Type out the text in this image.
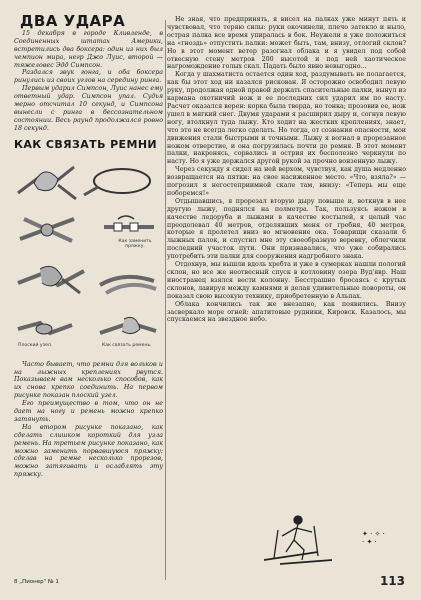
ДВА УДАРА

15 декабря в городе Кливленде, в Соединенных штатах Америки, встретились два боксера: один из них был чемпион мира, негр Джо Луис, второй — тяжеловес Эдд Симпсон.

Раздался звук гонга, и оба боксера ринулись из своих углов на середину ринга.

Первым ударил Симпсон, Луис нанес ему ответный удар. Симпсон упал. Судья мерно отсчитал 10 секунд, и Симпсона вынесли с ринга в бессознательном состоянии. Весь раунд продолжался ровно 18 секунд.

КАК СВЯЗАТЬ РЕМНИ
Как заменить пряжку.
Плоский узел.	Как связать ремень.

Часто бывает, что ремни для вольков и на лыжных креплениях рвутся. Показываем вам несколько способов, как их снова крепко соединить. На первом рисунке показан плоский узел.

Его преимущество в том, что он не дает на ногу и ремень можно крепко затянуть.

На втором рисунке показано, как сделать слишком короткий для узла ремень. На третьем рисунке показано, как можно заменить порвавшуюся пряжку: сделав на ремне несколько прорезов, можно затягивать и ослаблять эту пряжку.

Не зная, что предпринять, я висел на палках уже минут пять и чувствовал, что теряю силы: руки окочинели, плечо затекло и ныло, острая палка все время упиралась в бок. Неужели я уже положиться на «гноздь» отпустить палки: может быть, там, внизу, отлогий склон? Но в этот момент ветер разогнал облака и я увидел под собой отвесную стену метров 200 высотой и под ней хаотическое нагромождение голых скал. Падать было явно невыгодно...

Когда у шахматиста остается один ход, раздумывать не полагается, как бы этот ход ни казался рискован. Я осторожно освободил левую руку, продолжая одной правой держать спасительные палки, вынул из кармана охотничий нож и ее последних сил ударил им по насту. Расчет оказался верен: корка была тверда, но тонка; прозовив ее, нож ушел в мягкий снег. Двумя ударами я расширил дыру и, согнув левую ногу, втолкнул туда лыжу. Кто ходит на жестких креплениях, знает, что это не всегда легко сделать. Но тогда, от сознания опасности, мои движения стали быстрыми и точными. Лыжу я вогнал в прорезанное ножом отверстие, и она погрузилась почти до ремня. В этот момент палки, накренясь, сорвались и острия их бесполезно черкнули по насту. Но я уже держался другой рукой за прочно вонзенную лыжу.

Через секунду я сидел на ней верхом, чувствуя, как душа медленно возвращается на пятки: на свое насиженное место. «Что, взяла?» — погрозил я негостеприимной скале там, внизу: «Теперь мы еще поборемся!»

Отдышавшись, я прорезал вторую дыру повыше и, воткнув в нее другую лыжу, поднялся на полметра. Так, пользуясь ножом в качестве ледоруба и лыжами в качестве костылей, я целый час преодолевал 40 метров, отделявших меня от гребня, 40 метров, которые я пролетел вниз во мгновение ока. Товарищи сказали 6 лыжных палок, и спустил мне эту своеобразную веревку, облегчили последний участок пути. Они признавались, что уже собирались употребить эти палки для сооружения надгробного знака.

Отдохнув, мы вышли вдоль хребта и уже в сумерках нашли пологий склон, но все же неотвесный спуск в котловину озера Вуд'явр. Наш иностранец взялся вести колонну. Бесстрашно бросаясь с крутых склонов, лавируя между камнями и делая удивительные повороты, он показал свою высокую технику, приобретенную в Альпах.

Облака кончились так же внезапно, как появились. Внизу засверкало море огней: апатитовые рудники, Кировск. Казалось, мы спускаемся на звездное небо.

✦ · ✧ ·
· ✦ ·
8 „Пионер" № 1	113
